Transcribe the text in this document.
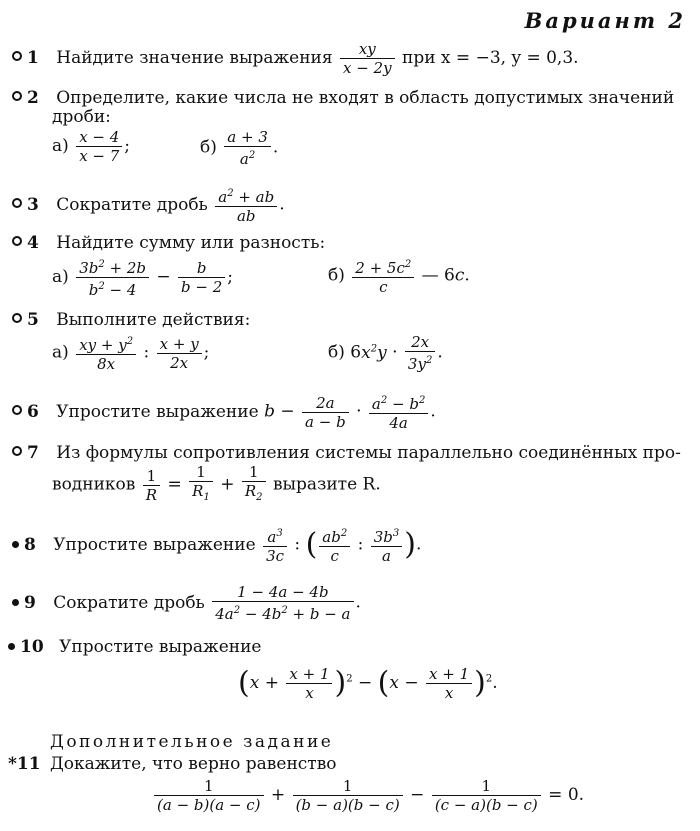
Вариант 2
1 Найдите значение выражения $\frac{xy}{x - 2y}$ при x = −3, y = 0,3.
2 Определите, какие числа не входят в область допустимых значений
дроби:
$а) \frac{x - 4}{x - 7}$ ;	$б) \frac{a + 3}{a^2}$ .
3 Сократите дробь $\frac{a^2 + ab}{ab}$ .
4 Найдите сумму или разность:
$а) \frac{3b^2 + 2b}{b^2 - 4} - \frac{b}{b - 2}$ ;	$б) \frac{2 + 5c^2}{c}$ — 6c.
5 Выполните действия:
$а) \frac{xy + y^2}{8x}$ : $\frac{x + y}{2x}$ ;	б) $6x^2y \cdot \frac{2x}{3y^2}$ .
6 Упростите выражение $b - \frac{2a}{a - b} \cdot \frac{a^2 - b^2}{4a}$ .
7 Из формулы сопротивления системы параллельно соединённых про-
водников $\frac{1}{R} = \frac{1}{R_1} + \frac{1}{R_2}$ выразите R.
8 Упростите выражение $\frac{a^3}{3c}$ : ( $\frac{ab^2}{c}$ : $\frac{3b^3}{a}$ ).
9 Сократите дробь $\frac{1 - 4a - 4b}{4a^2 - 4b^2 + b - a}$ .
10 Упростите выражение
$(x + \frac{x + 1}{x} )^2 - (x - \frac{x + 1}{x} )^2$.
Дополнительное задание
*11 Докажите, что верно равенство
$\frac{1}{(a - b)(a - c)} + \frac{1}{(b - a)(b - c)} - \frac{1}{(c - a)(b - c)} = 0$.
